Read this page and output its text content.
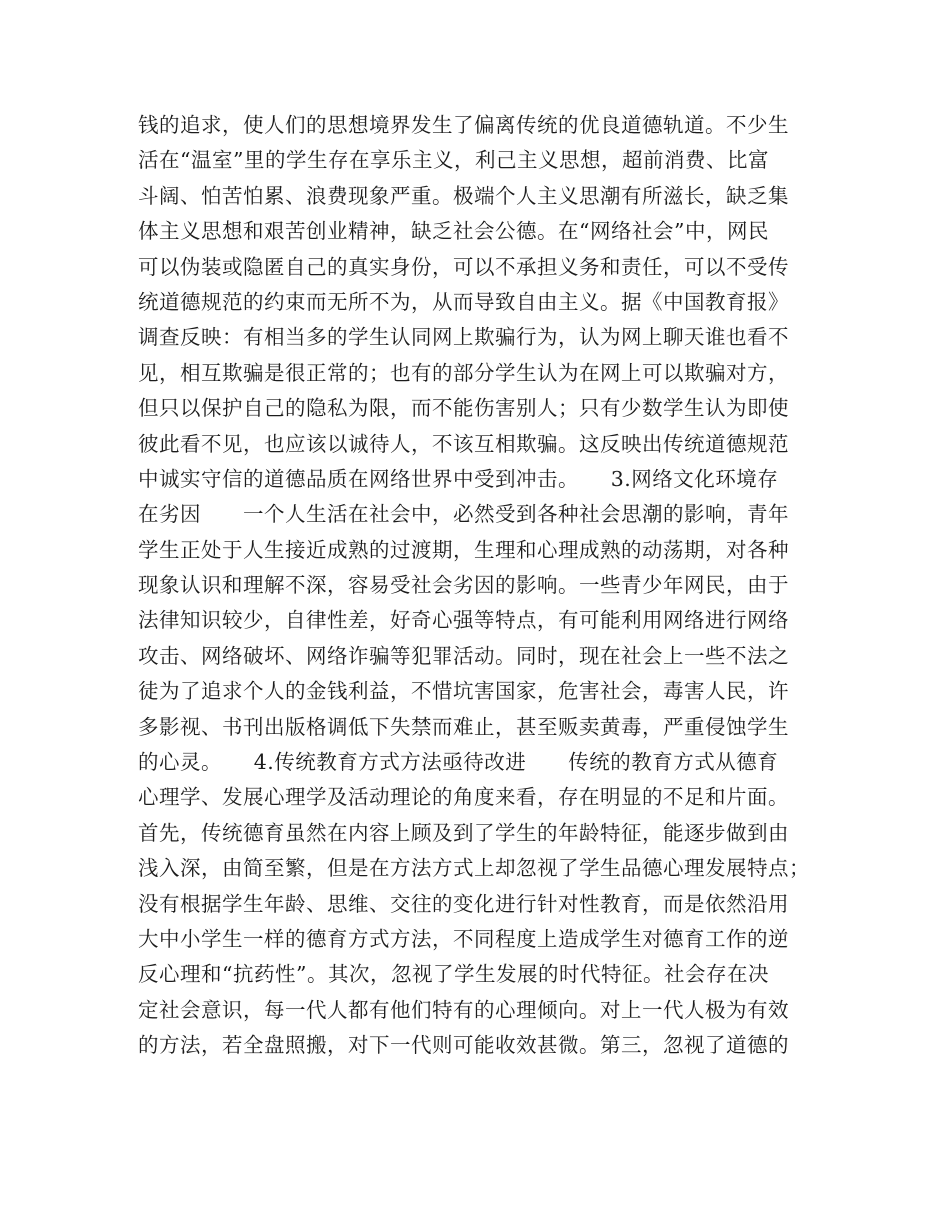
钱的追求，使人们的思想境界发生了偏离传统的优良道德轨道。不少生
活在“温室”里的学生存在享乐主义，利己主义思想，超前消费、比富
斗阔、怕苦怕累、浪费现象严重。极端个人主义思潮有所滋长，缺乏集
体主义思想和艰苦创业精神，缺乏社会公德。在“网络社会”中，网民
可以伪装或隐匿自己的真实身份，可以不承担义务和责任，可以不受传
统道德规范的约束而无所不为，从而导致自由主义。据《中国教育报》
调查反映：有相当多的学生认同网上欺骗行为，认为网上聊天谁也看不
见，相互欺骗是很正常的；也有的部分学生认为在网上可以欺骗对方，
但只以保护自己的隐私为限，而不能伤害别人；只有少数学生认为即使
彼此看不见，也应该以诚待人，不该互相欺骗。这反映出传统道德规范
中诚实守信的道德品质在网络世界中受到冲击。　　3.网络文化环境存
在劣因　　一个人生活在社会中，必然受到各种社会思潮的影响，青年
学生正处于人生接近成熟的过渡期，生理和心理成熟的动荡期，对各种
现象认识和理解不深，容易受社会劣因的影响。一些青少年网民，由于
法律知识较少，自律性差，好奇心强等特点，有可能利用网络进行网络
攻击、网络破坏、网络诈骗等犯罪活动。同时，现在社会上一些不法之
徒为了追求个人的金钱利益，不惜坑害国家，危害社会，毒害人民，许
多影视、书刊出版格调低下失禁而难止，甚至贩卖黄毒，严重侵蚀学生
的心灵。　　4.传统教育方式方法亟待改进　　传统的教育方式从德育
心理学、发展心理学及活动理论的角度来看，存在明显的不足和片面。
首先，传统德育虽然在内容上顾及到了学生的年龄特征，能逐步做到由
浅入深，由简至繁，但是在方法方式上却忽视了学生品德心理发展特点；
没有根据学生年龄、思维、交往的变化进行针对性教育，而是依然沿用
大中小学生一样的德育方式方法，不同程度上造成学生对德育工作的逆
反心理和“抗药性”。其次，忽视了学生发展的时代特征。社会存在决
定社会意识，每一代人都有他们特有的心理倾向。对上一代人极为有效
的方法，若全盘照搬，对下一代则可能收效甚微。第三，忽视了道德的
